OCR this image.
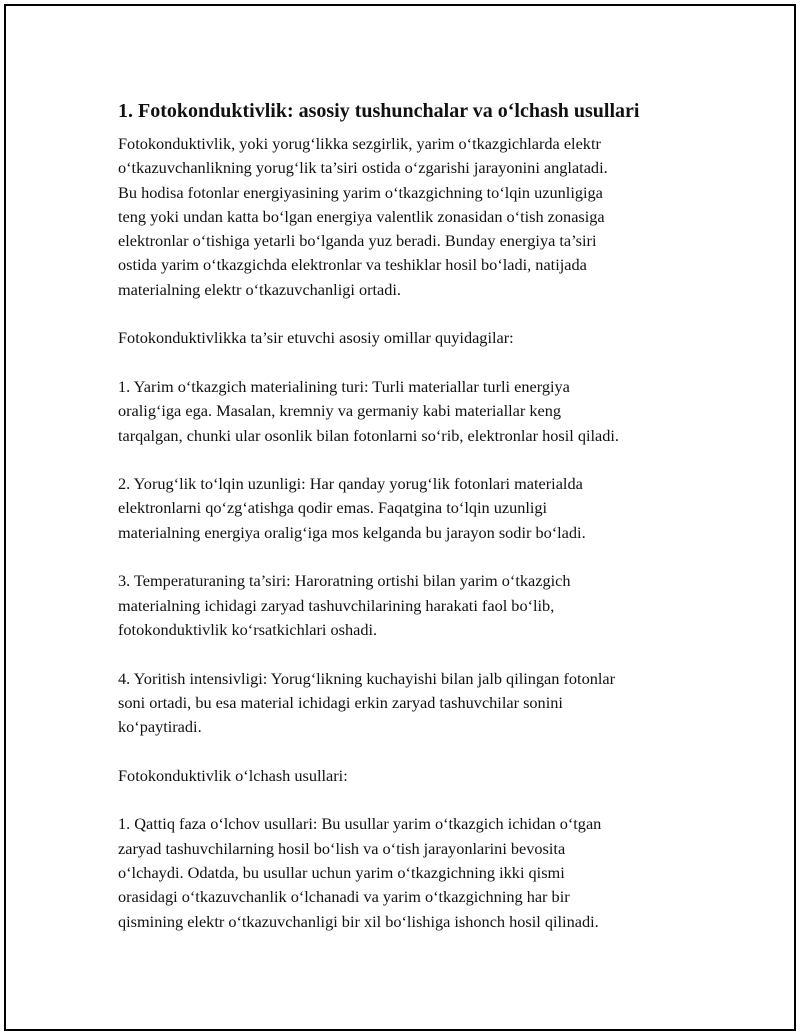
1. Fotokonduktivlik: asosiy tushunchalar va o‘lchash usullari

Fotokonduktivlik, yoki yorug‘likka sezgirlik, yarim o‘tkazgichlarda elektr
o‘tkazuvchanlikning yorug‘lik ta’siri ostida o‘zgarishi jarayonini anglatadi.
Bu hodisa fotonlar energiyasining yarim o‘tkazgichning to‘lqin uzunligiga
teng yoki undan katta bo‘lgan energiya valentlik zonasidan o‘tish zonasiga
elektronlar o‘tishiga yetarli bo‘lganda yuz beradi. Bunday energiya ta’siri
ostida yarim o‘tkazgichda elektronlar va teshiklar hosil bo‘ladi, natijada
materialning elektr o‘tkazuvchanligi ortadi.

Fotokonduktivlikka ta’sir etuvchi asosiy omillar quyidagilar:

1. Yarim o‘tkazgich materialining turi: Turli materiallar turli energiya
oralig‘iga ega. Masalan, kremniy va germaniy kabi materiallar keng
tarqalgan, chunki ular osonlik bilan fotonlarni so‘rib, elektronlar hosil qiladi.

2. Yorug‘lik to‘lqin uzunligi: Har qanday yorug‘lik fotonlari materialda
elektronlarni qo‘zg‘atishga qodir emas. Faqatgina to‘lqin uzunligi
materialning energiya oralig‘iga mos kelganda bu jarayon sodir bo‘ladi.

3. Temperaturaning ta’siri: Haroratning ortishi bilan yarim o‘tkazgich
materialning ichidagi zaryad tashuvchilarining harakati faol bo‘lib,
fotokonduktivlik ko‘rsatkichlari oshadi.

4. Yoritish intensivligi: Yorug‘likning kuchayishi bilan jalb qilingan fotonlar
soni ortadi, bu esa material ichidagi erkin zaryad tashuvchilar sonini
ko‘paytiradi.

Fotokonduktivlik o‘lchash usullari:

1. Qattiq faza o‘lchov usullari: Bu usullar yarim o‘tkazgich ichidan o‘tgan
zaryad tashuvchilarning hosil bo‘lish va o‘tish jarayonlarini bevosita
o‘lchaydi. Odatda, bu usullar uchun yarim o‘tkazgichning ikki qismi
orasidagi o‘tkazuvchanlik o‘lchanadi va yarim o‘tkazgichning har bir
qismining elektr o‘tkazuvchanligi bir xil bo‘lishiga ishonch hosil qilinadi.
